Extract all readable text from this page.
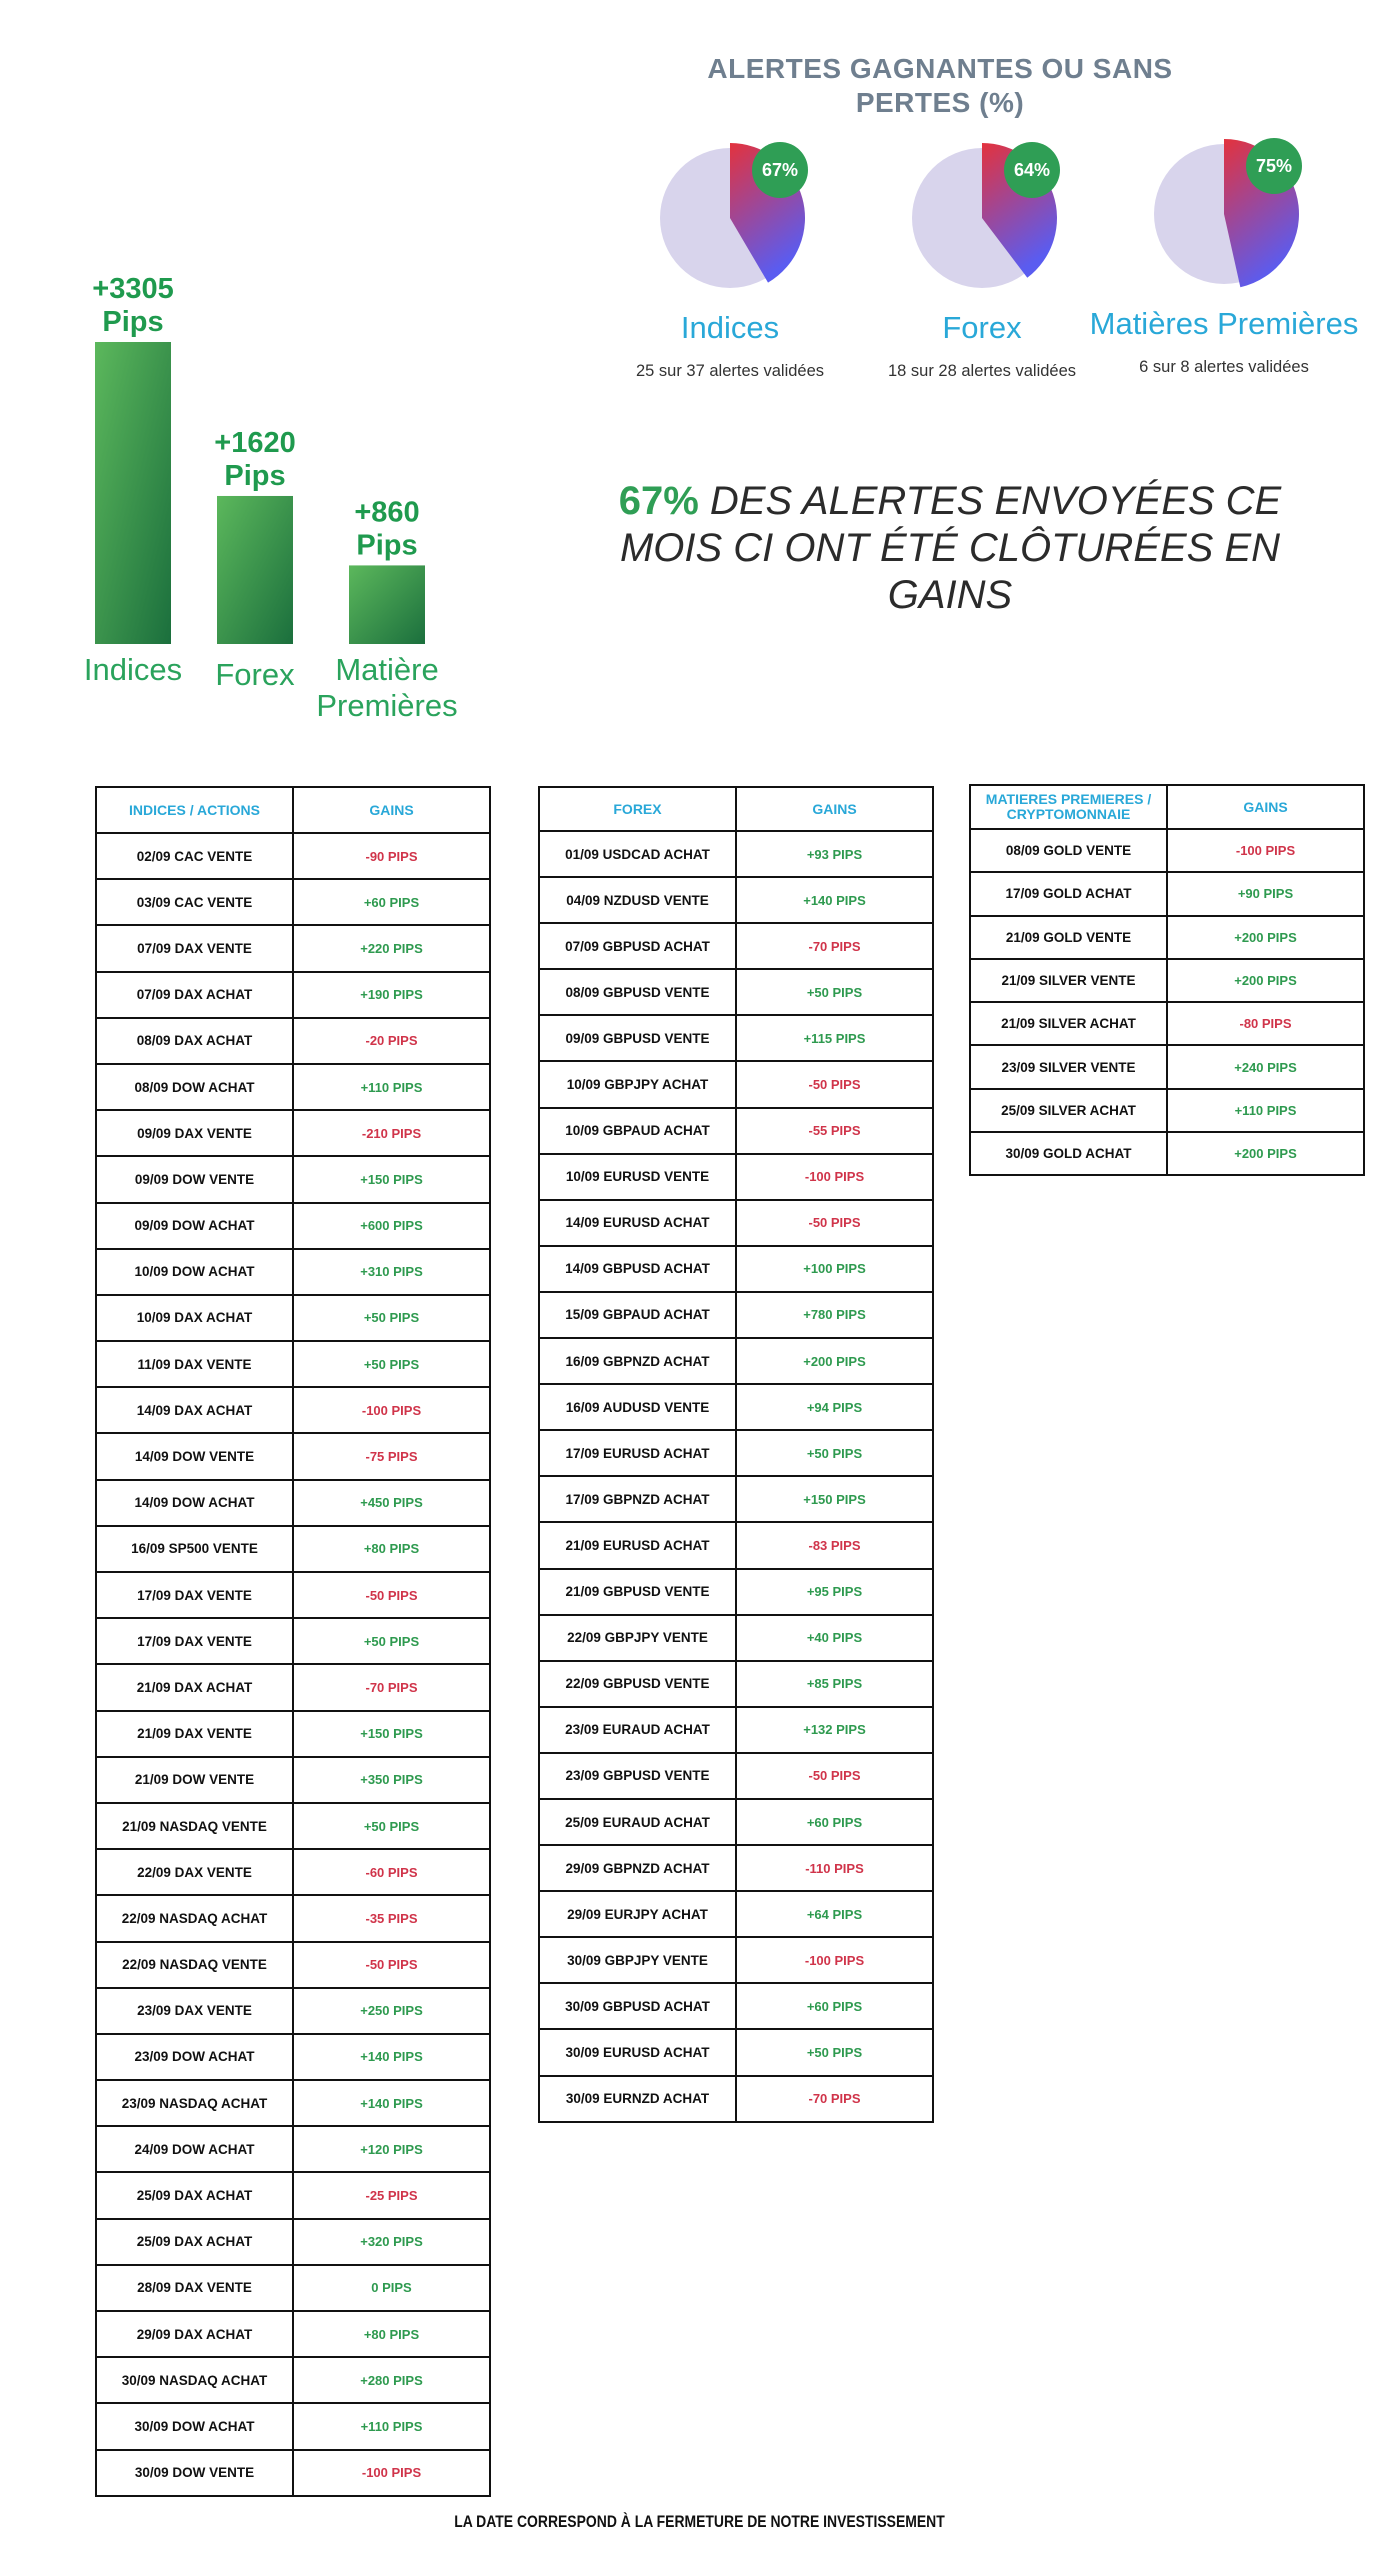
+3305 Pips
Indices
+1620 Pips
Forex
+860 Pips
Matière Premières
ALERTES GAGNANTES OU SANS PERTES (%)
67%
Indices
25 sur 37 alertes validées
64%
Forex
18 sur 28 alertes validées
75%
Matières Premières
6 sur 8 alertes validées
67% DES ALERTES ENVOYÉES CE MOIS CI ONT ÉTÉ CLÔTURÉES EN GAINS
INDICES / ACTIONS	GAINS
02/09 CAC VENTE	-90 PIPS
03/09 CAC VENTE	+60 PIPS
07/09 DAX VENTE	+220 PIPS
07/09 DAX ACHAT	+190 PIPS
08/09 DAX ACHAT	-20 PIPS
08/09 DOW ACHAT	+110 PIPS
09/09 DAX VENTE	-210 PIPS
09/09 DOW VENTE	+150 PIPS
09/09 DOW ACHAT	+600 PIPS
10/09 DOW ACHAT	+310 PIPS
10/09 DAX ACHAT	+50 PIPS
11/09 DAX VENTE	+50 PIPS
14/09 DAX ACHAT	-100 PIPS
14/09 DOW VENTE	-75 PIPS
14/09 DOW ACHAT	+450 PIPS
16/09 SP500 VENTE	+80 PIPS
17/09 DAX VENTE	-50 PIPS
17/09 DAX VENTE	+50 PIPS
21/09 DAX ACHAT	-70 PIPS
21/09 DAX VENTE	+150 PIPS
21/09 DOW VENTE	+350 PIPS
21/09 NASDAQ VENTE	+50 PIPS
22/09 DAX VENTE	-60 PIPS
22/09 NASDAQ ACHAT	-35 PIPS
22/09 NASDAQ VENTE	-50 PIPS
23/09 DAX VENTE	+250 PIPS
23/09 DOW ACHAT	+140 PIPS
23/09 NASDAQ ACHAT	+140 PIPS
24/09 DOW ACHAT	+120 PIPS
25/09 DAX ACHAT	-25 PIPS
25/09 DAX ACHAT	+320 PIPS
28/09 DAX VENTE	0 PIPS
29/09 DAX ACHAT	+80 PIPS
30/09 NASDAQ ACHAT	+280 PIPS
30/09 DOW ACHAT	+110 PIPS
30/09 DOW VENTE	-100 PIPS
FOREX	GAINS
01/09 USDCAD ACHAT	+93 PIPS
04/09 NZDUSD VENTE	+140 PIPS
07/09 GBPUSD ACHAT	-70 PIPS
08/09 GBPUSD VENTE	+50 PIPS
09/09 GBPUSD VENTE	+115 PIPS
10/09 GBPJPY ACHAT	-50 PIPS
10/09 GBPAUD ACHAT	-55 PIPS
10/09 EURUSD VENTE	-100 PIPS
14/09 EURUSD ACHAT	-50 PIPS
14/09 GBPUSD ACHAT	+100 PIPS
15/09 GBPAUD ACHAT	+780 PIPS
16/09 GBPNZD ACHAT	+200 PIPS
16/09 AUDUSD VENTE	+94 PIPS
17/09 EURUSD ACHAT	+50 PIPS
17/09 GBPNZD ACHAT	+150 PIPS
21/09 EURUSD ACHAT	-83 PIPS
21/09 GBPUSD VENTE	+95 PIPS
22/09 GBPJPY VENTE	+40 PIPS
22/09 GBPUSD VENTE	+85 PIPS
23/09 EURAUD ACHAT	+132 PIPS
23/09 GBPUSD VENTE	-50 PIPS
25/09 EURAUD ACHAT	+60 PIPS
29/09 GBPNZD ACHAT	-110 PIPS
29/09 EURJPY ACHAT	+64 PIPS
30/09 GBPJPY VENTE	-100 PIPS
30/09 GBPUSD ACHAT	+60 PIPS
30/09 EURUSD ACHAT	+50 PIPS
30/09 EURNZD ACHAT	-70 PIPS
MATIERES PREMIERES / CRYPTOMONNAIE	GAINS
08/09 GOLD VENTE	-100 PIPS
17/09 GOLD ACHAT	+90 PIPS
21/09 GOLD VENTE	+200 PIPS
21/09 SILVER VENTE	+200 PIPS
21/09 SILVER ACHAT	-80 PIPS
23/09 SILVER VENTE	+240 PIPS
25/09 SILVER ACHAT	+110 PIPS
30/09 GOLD ACHAT	+200 PIPS
LA DATE CORRESPOND À LA FERMETURE DE NOTRE INVESTISSEMENT
